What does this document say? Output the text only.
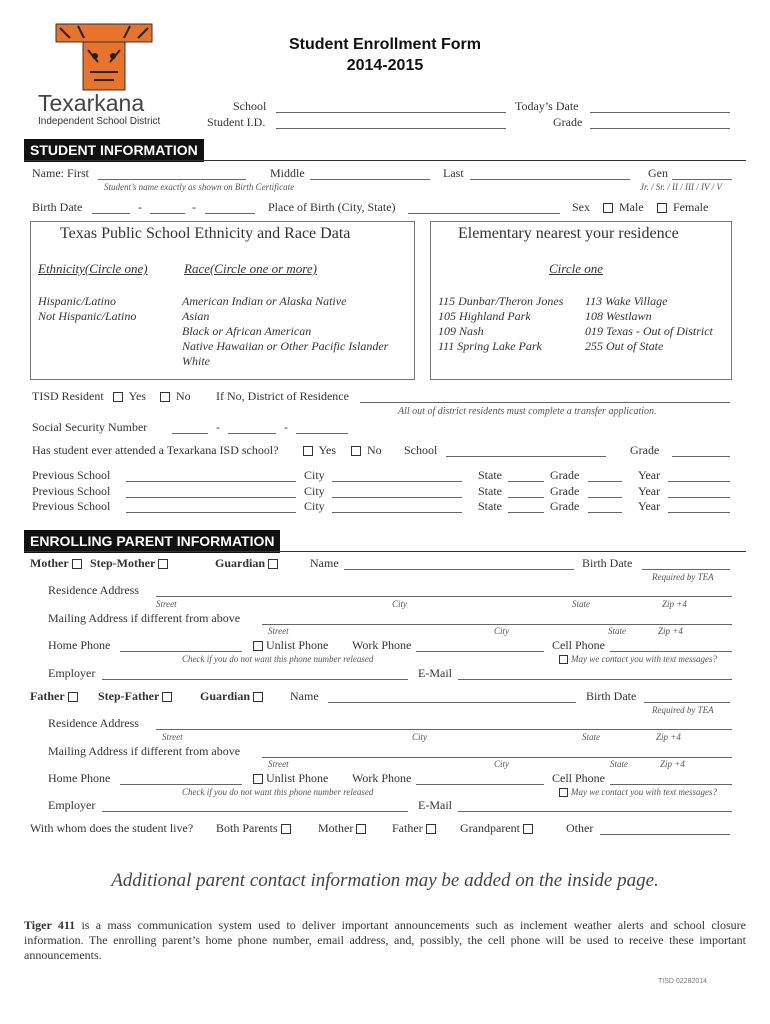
Texarkana
Independent School District
Student Enrollment Form
2014-2015
School
Student I.D.
Today’s Date
Grade
STUDENT INFORMATION
Name: First	Middle	Last	Gen
Student’s name exactly as shown on Birth Certificate	Jr. / Sr. / II / III / IV / V
Birth Date	-	-	Place of Birth (City, State)	Sex	Male	Female
Texas Public School Ethnicity and Race Data
Ethnicity(Circle one)	Race(Circle one or more)
Hispanic/Latino
Not Hispanic/Latino
American Indian or Alaska Native
Asian
Black or African American
Native Hawaiian or Other Pacific Islander
White
Elementary nearest your residence
Circle one
115 Dunbar/Theron Jones
105 Highland Park
109 Nash
111 Spring Lake Park
113 Wake Village
108 Westlawn
019 Texas - Out of District
255 Out of State
TISD Resident	Yes	No If No, District of Residence
All out of district residents must complete a transfer application.
Social Security Number	-	-
Has student ever attended a Texarkana ISD school?	Yes	No School	Grade
Previous School	City	State	Grade	Year
Previous School	City	State	Grade	Year
Previous School	City	State	Grade	Year
ENROLLING PARENT INFORMATION
Mother	Step-Mother	Guardian	Name	Birth Date
Required by TEA
Residence Address
Street	City	State	Zip +4
Mailing Address if different from above
Street	City	State	Zip +4
Home Phone	Unlist Phone Work Phone	Cell Phone
Check if you do not want this phone number released	May we contact you with text messages?
Employer	E-Mail
Father	Step-Father	Guardian	Name	Birth Date
Required by TEA
Residence Address
Street	City	State	Zip +4
Mailing Address if different from above
Street	City	State	Zip +4
Home Phone	Unlist Phone Work Phone	Cell Phone
Check if you do not want this phone number released	May we contact you with text messages?
Employer	E-Mail
With whom does the student live? Both Parents	Mother	Father	Grandparent	Other
Additional parent contact information may be added on the inside page.
Tiger 411 is a mass communication system used to deliver important announcements such as inclement weather alerts and school closure information. The enrolling parent’s home phone number, email address, and, possibly, the cell phone will be used to receive these important announcements.
TISD 02282014
